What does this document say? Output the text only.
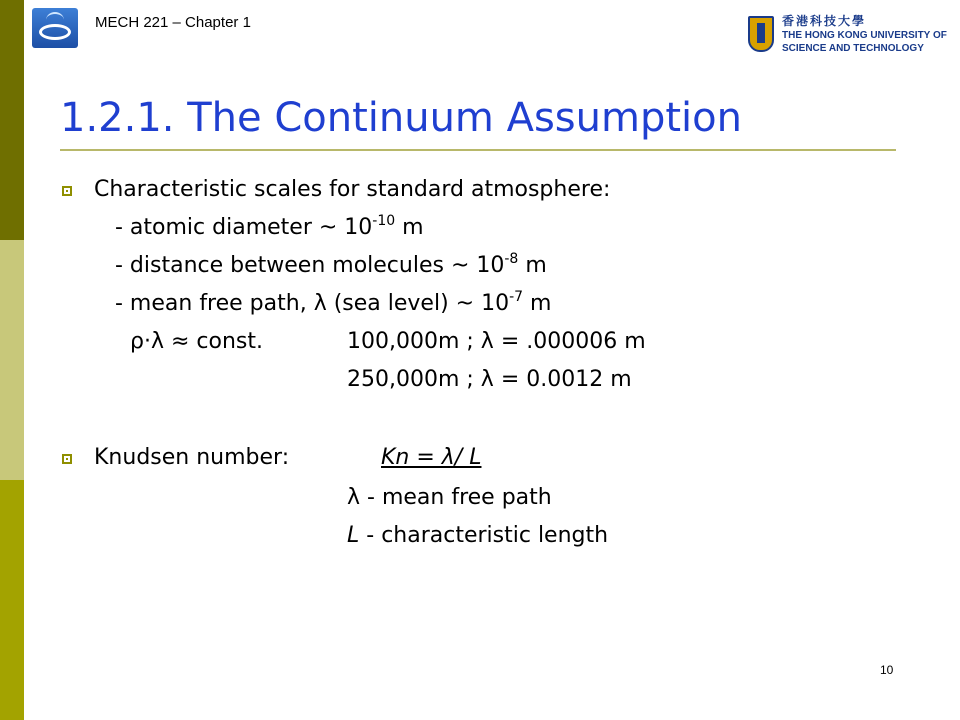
MECH 221 – Chapter 1	香港科技大學
THE HONG KONG UNIVERSITY OF
SCIENCE AND TECHNOLOGY
1.2.1. The Continuum Assumption
Characteristic scales for standard atmosphere:
- atomic diameter ~ $10^{-10}$ m
- distance between molecules ~ $10^{-8}$ m
- mean free path, λ (sea level) ~ $10^{-7}$ m
ρ·λ ≈ const.	100,000m ; λ = .000006 m
250,000m ; λ = 0.0012 m
Knudsen number:	Kn = λ/ L
λ - mean free path
L - characteristic length
10
